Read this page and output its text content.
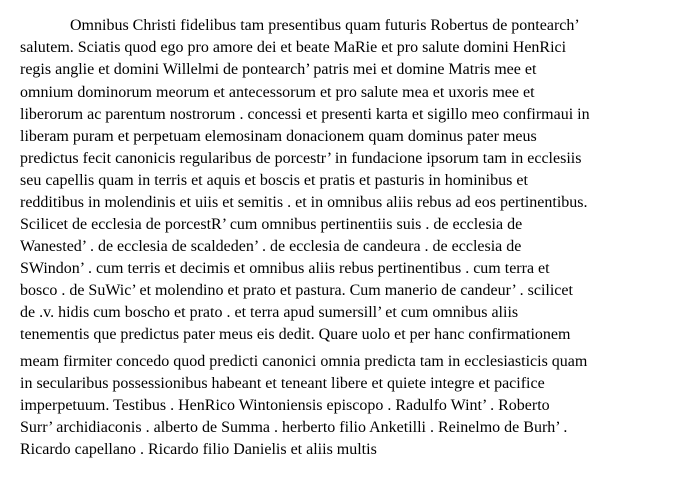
Omnibus Christi fidelibus tam presentibus quam futuris Robertus de pontearch’
salutem. Sciatis quod ego pro amore dei et beate MaRie et pro salute domini HenRici
regis anglie et domini Willelmi de pontearch’ patris mei et domine Matris mee et
omnium dominorum meorum et antecessorum et pro salute mea et uxoris mee et
liberorum ac parentum nostrorum . concessi et presenti karta et sigillo meo confirmaui in
liberam puram et perpetuam elemosinam donacionem quam dominus pater meus
predictus fecit canonicis regularibus de porcestr’ in fundacione ipsorum tam in ecclesiis
seu capellis quam in terris et aquis et boscis et pratis et pasturis in hominibus et
redditibus in molendinis et uiis et semitis . et in omnibus aliis rebus ad eos pertinentibus.
Scilicet de ecclesia de porcestR’ cum omnibus pertinentiis suis . de ecclesia de
Wanested’ . de ecclesia de scaldeden’ . de ecclesia de candeura . de ecclesia de
SWindon’ . cum terris et decimis et omnibus aliis rebus pertinentibus . cum terra et
bosco . de SuWic’ et molendino et prato et pastura. Cum manerio de candeur’ . scilicet
de .v. hidis cum boscho et prato . et terra apud sumersill’ et cum omnibus aliis
tenementis que predictus pater meus eis dedit. Quare uolo et per hanc confirmationem
meam firmiter concedo quod predicti canonici omnia predicta tam in ecclesiasticis quam
in secularibus possessionibus habeant et teneant libere et quiete integre et pacifice
imperpetuum. Testibus . HenRico Wintoniensis episcopo . Radulfo Wint’ . Roberto
Surr’ archidiaconis . alberto de Summa . herberto filio Anketilli . Reinelmo de Burh’ .
Ricardo capellano . Ricardo filio Danielis et aliis multis
